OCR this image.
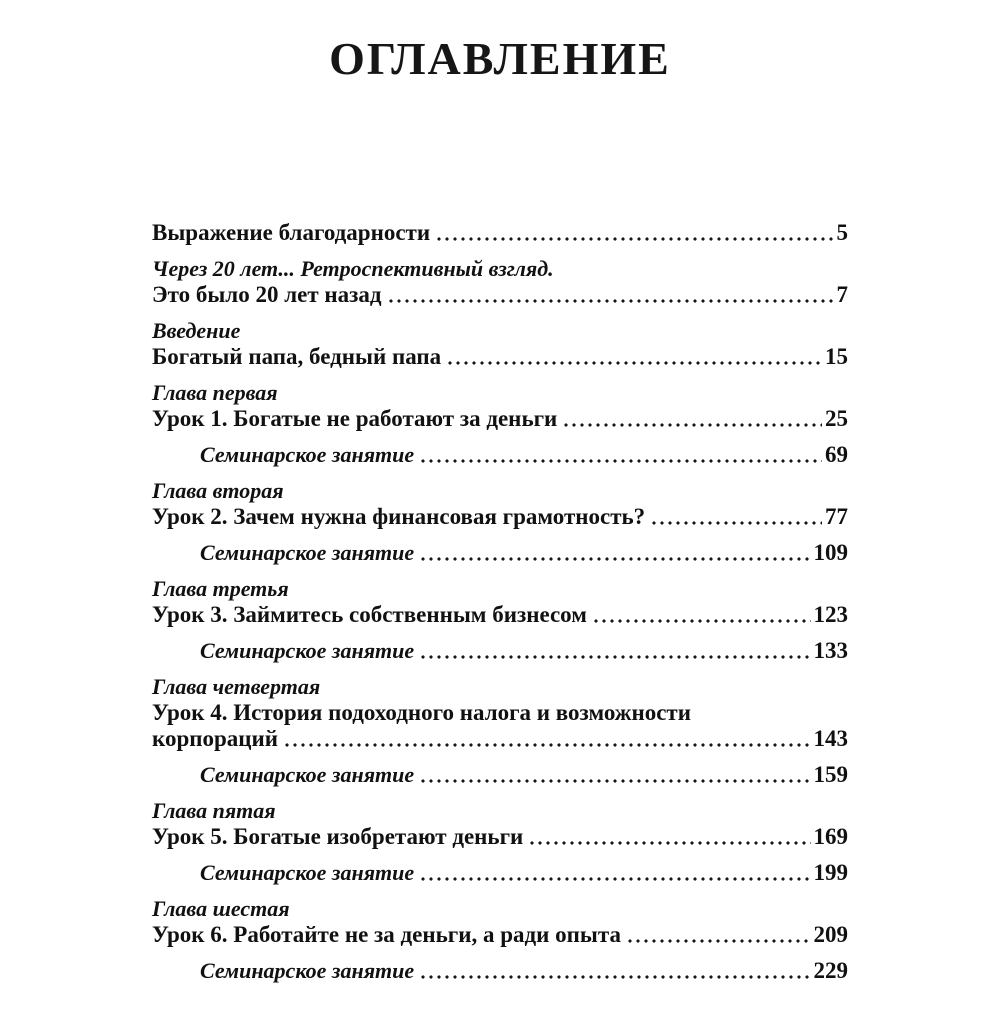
ОГЛАВЛЕНИЕ
Выражение благодарности	5
Через 20 лет... Ретроспективный взгляд.
Это было 20 лет назад	7
Введение
Богатый папа, бедный папа	15
Глава первая
Урок 1. Богатые не работают за деньги	25
Семинарское занятие	69
Глава вторая
Урок 2. Зачем нужна финансовая грамотность?	77
Семинарское занятие	109
Глава третья
Урок 3. Займитесь собственным бизнесом	123
Семинарское занятие	133
Глава четвертая
Урок 4. История подоходного налога и возможности
корпораций	143
Семинарское занятие	159
Глава пятая
Урок 5. Богатые изобретают деньги	169
Семинарское занятие	199
Глава шестая
Урок 6. Работайте не за деньги, а ради опыта	209
Семинарское занятие	229
